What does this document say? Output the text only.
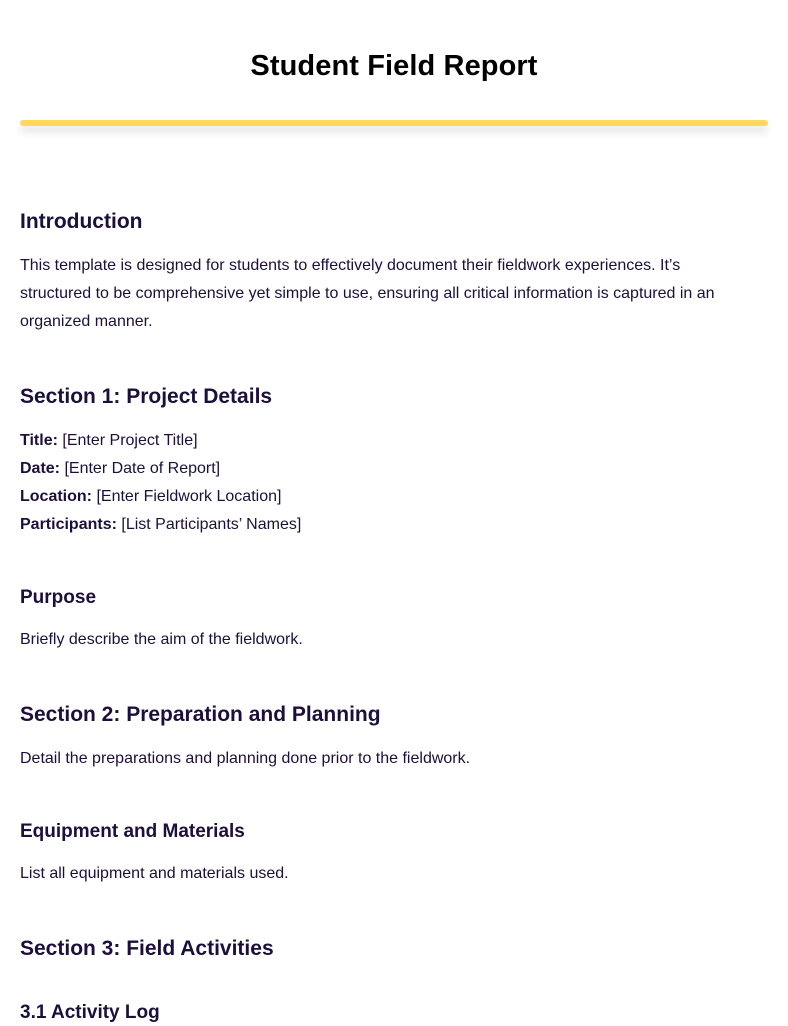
Student Field Report
Introduction

This template is designed for students to effectively document their fieldwork experiences. It’s structured to be comprehensive yet simple to use, ensuring all critical information is captured in an organized manner.

Section 1: Project Details
Title: [Enter Project Title]
Date: [Enter Date of Report]
Location: [Enter Fieldwork Location]
Participants: [List Participants’ Names]
Purpose

Briefly describe the aim of the fieldwork.

Section 2: Preparation and Planning

Detail the preparations and planning done prior to the fieldwork.

Equipment and Materials

List all equipment and materials used.

Section 3: Field Activities
3.1 Activity Log
